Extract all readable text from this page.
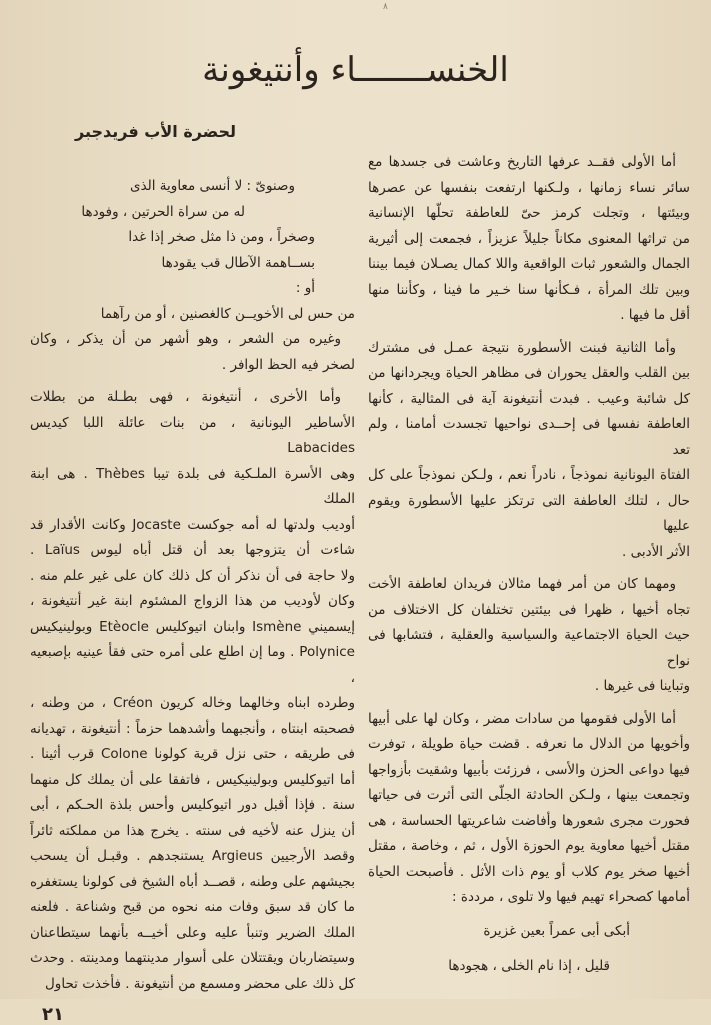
٨
الخنســـــــاء وأنتيغونة
لحضرة الأب فريدجبر
أما الأولى فقــد عرفها التاريخ وعاشت فى جسدها مع
سائر نساء زمانها ، ولـكنها ارتفعت بنفسها عن عصرها
وبيئتها ، وتجلت كرمز حىّ للعاطفة تحلّها الإنسانية
من تراثها المعنوى مكاناً جليلاً عزيزاً ، فجمعت إلى أثيرية
الجمال والشعور ثبات الواقعية واللا كمال يصـلان فيما بيننا
وبين تلك المرأة ، فـكأنها سنا خـير ما فينا ، وكأننا منها
أقل ما فيها .
وأما الثانية فبنت الأسطورة نتيجة عمـل فى مشترك
بين القلب والعقل يحوران فى مظاهر الحياة ويجردانها من
كل شائبة وعيب . فبدت أنتيغونة آية فى المثالية ، كأنها
العاطفة نفسها فى إحــدى نواحيها تجسدت أمامنا ، ولم تعد
الفتاة اليونانية نموذجاً ، نادراً نعم ، ولـكن نموذجاً على كل
حال ، لتلك العاطفة التى ترتكز عليها الأسطورة ويقوم عليها
الأثر الأدبى .
ومهما كان من أمر فهما مثالان فريدان لعاطفة الأخت
تجاه أخيها ، ظهرا فى بيئتين تختلفان كل الاختلاف من
حيث الحياة الاجتماعية والسياسية والعقلية ، فتشابها فى نواح
وتباينا فى غيرها .
أما الأولى فقومها من سادات مضر ، وكان لها على أبيها
وأخويها من الدلال ما نعرفه . قضت حياة طويلة ، توفرت
فيها دواعى الحزن والأسى ، فرزئت بأبيها وشقيت بأزواجها
وتجمعت بينها ، ولـكن الحادثة الجلّى التى أثرت فى حياتها
فحورت مجرى شعورها وأفاضت شاعريتها الحساسة ، هى
مقتل أخيها معاوية يوم الحوزة الأول ، ثم ، وخاصة ، مقتل
أخيها صخر يوم كلاب أو يوم ذات الأثل . فأصبحت الحياة
أمامها كصحراء تهيم فيها ولا تلوى ، مرددة :
أبكى أبى عمراً بعين غزيرة
قليل ، إذا نام الخلى ، هجودها
وصنوىّ : لا أنسى معاوية الذى
له من سراة الحرتين ، وفودها
وصخراً ، ومن ذا مثل صخر إذا غدا
بســاهمة الآطال قب يقودها
أو :
من حس لى الأخويــن كالغصنين ، أو من رآهما
وغيره من الشعر ، وهو أشهر من أن يذكر ، وكان
لصخر فيه الحظ الوافر .
وأما الأخرى ، أنتيغونة ، فهى بطـلة من بطلات
الأساطير اليونانية ، من بنات عائلة اللبا كيديس Labacides
وهى الأسرة الملـكية فى بلدة تيبا Thèbes . هى ابنة الملك
أوديب ولدتها له أمه جوكست Jocaste وكانت الأقدار قد
شاءت أن يتزوجها بعد أن قتل أباه ليوس Laïus .
ولا حاجة فى أن نذكر أن كل ذلك كان على غير علم منه .
وكان لأوديب من هذا الزواج المشئوم ابنة غير أنتيغونة ،
إيسميني Ismène وابنان اتيوكليس Etèocle وبولينيكيس
Polynice . وما إن اطلع على أمره حتى فقأ عينيه بإصبعيه ،
وطرده ابناه وخالهما وخاله كريون Créon ، من وطنه ،
فصحبته ابنتاه ، وأنجبهما وأشدهما حزماً : أنتيغونة ، تهديانه
فى طريقه ، حتى نزل قرية كولونا Colone قرب أثينا .
أما اتيوكليس وبولينيكيس ، فاتفقا على أن يملك كل منهما
سنة . فإذا أقبل دور اتيوكليس وأحس بلذة الحـكم ، أبى
أن ينزل عنه لأخيه فى سنته . يخرج هذا من مملكته ثائراً
وقصد الأرجيين Argieus يستنجدهم . وقبـل أن يسحب
بجيشهم على وطنه ، قصــد أباه الشيخ فى كولونا يستغفره
ما كان قد سبق وفات منه نحوه من قبح وشناعة . فلعنه
الملك الضرير وتنبأ عليه وعلى أخيــه بأنهما سيتطاعنان
وسيتضاربان ويقتتلان على أسوار مدينتهما ومدينته . وحدث
كل ذلك على محضر ومسمع من أنتيغونة . فأخذت تحاول
٢١
